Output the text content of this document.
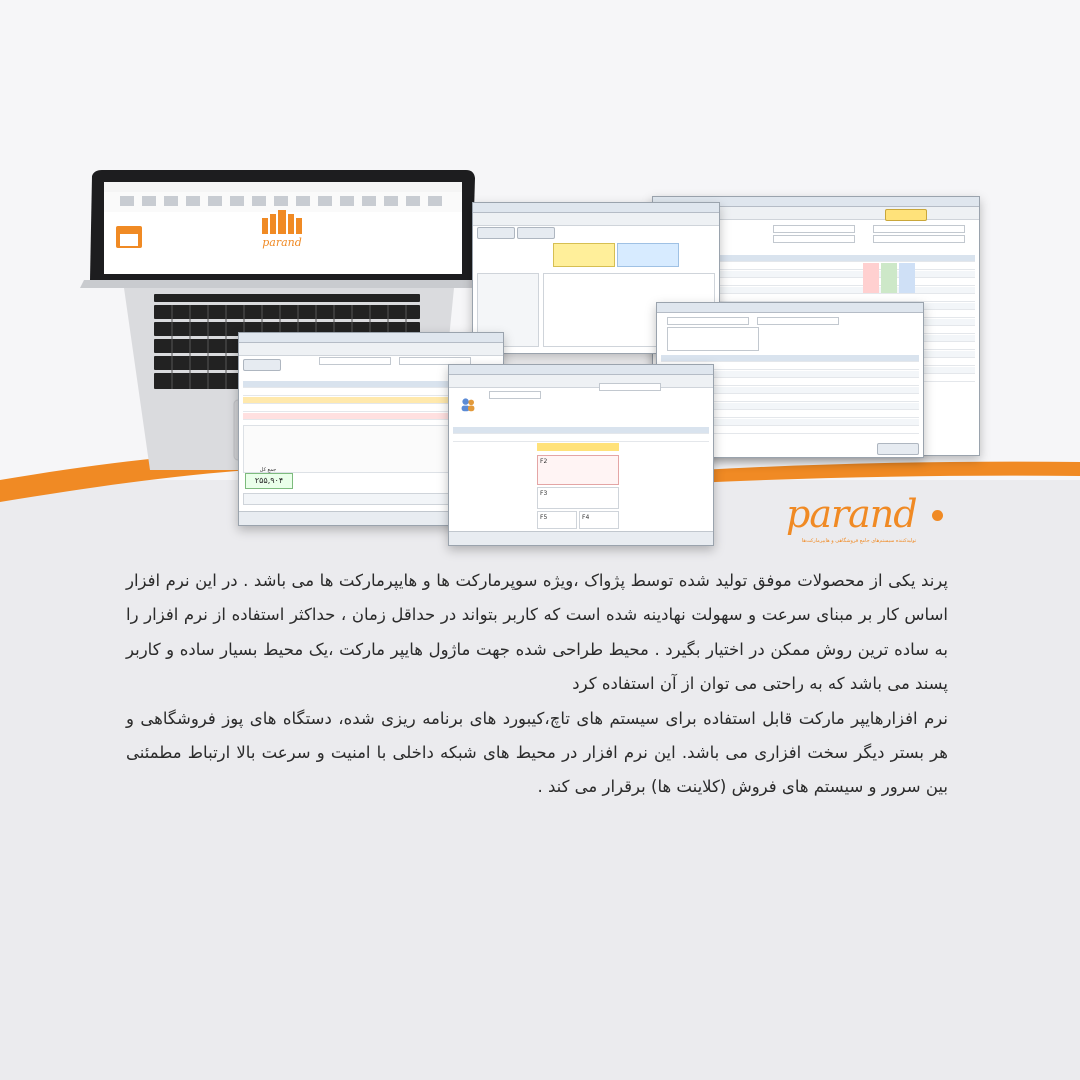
parand
جمع کل
۲۵۵,۹۰۴
F2
F3
F5	F4	parand
تولیدکننده سیستم‌های جامع فروشگاهی و هایپرمارکت‌ها

پرند یکی از محصولات موفق تولید شده توسط پژواک ،ویژه سوپرمارکت ها و هایپرمارکت ها می باشد . در این نرم افزار اساس کار بر مبنای سرعت و سهولت نهادینه شده است که کاربر بتواند در حداقل زمان ، حداکثر استفاده از نرم افزار را به ساده ترین روش ممکن در اختیار بگیرد . محیط طراحی شده جهت ماژول هایپر مارکت ،یک محیط بسیار ساده و کاربر پسند می باشد که به راحتی می توان از آن استفاده کرد

نرم افزارهایپر مارکت قابل استفاده برای سیستم های تاچ،کیبورد های برنامه ریزی شده، دستگاه های پوز فروشگاهی و هر بستر دیگر سخت افزاری می باشد. این نرم افزار در محیط های شبکه داخلی با امنیت و سرعت بالا ارتباط مطمئنی بین سرور و سیستم های فروش (کلاینت ها) برقرار می کند .
